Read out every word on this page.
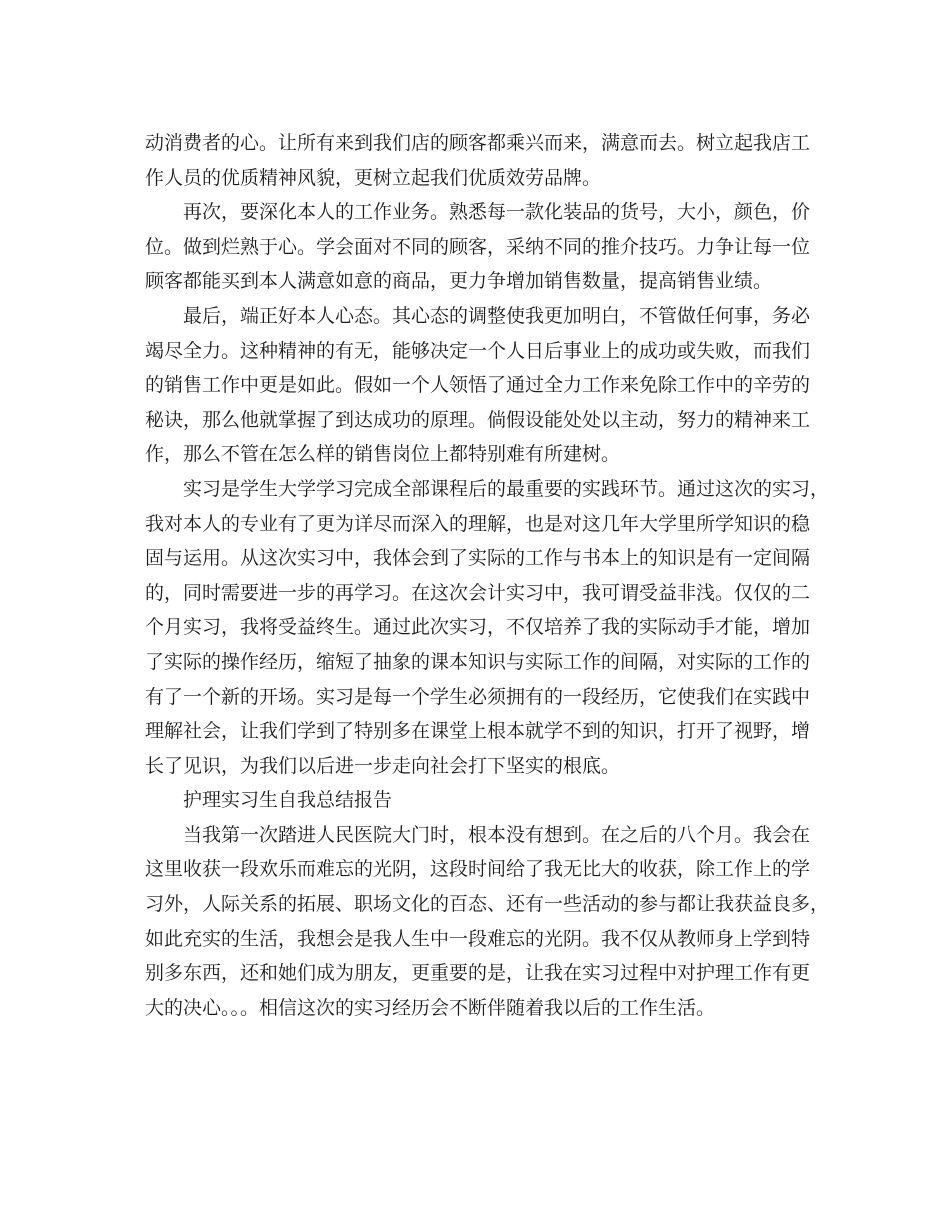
动消费者的心。让所有来到我们店的顾客都乘兴而来，满意而去。树立起我店工
作人员的优质精神风貌，更树立起我们优质效劳品牌。
再次，要深化本人的工作业务。熟悉每一款化装品的货号，大小，颜色，价
位。做到烂熟于心。学会面对不同的顾客，采纳不同的推介技巧。力争让每一位
顾客都能买到本人满意如意的商品，更力争增加销售数量，提高销售业绩。
最后，端正好本人心态。其心态的调整使我更加明白，不管做任何事，务必
竭尽全力。这种精神的有无，能够决定一个人日后事业上的成功或失败，而我们
的销售工作中更是如此。假如一个人领悟了通过全力工作来免除工作中的辛劳的
秘诀，那么他就掌握了到达成功的原理。倘假设能处处以主动，努力的精神来工
作，那么不管在怎么样的销售岗位上都特别难有所建树。
实习是学生大学学习完成全部课程后的最重要的实践环节。通过这次的实习，
我对本人的专业有了更为详尽而深入的理解，也是对这几年大学里所学知识的稳
固与运用。从这次实习中，我体会到了实际的工作与书本上的知识是有一定间隔
的，同时需要进一步的再学习。在这次会计实习中，我可谓受益非浅。仅仅的二
个月实习，我将受益终生。通过此次实习，不仅培养了我的实际动手才能，增加
了实际的操作经历，缩短了抽象的课本知识与实际工作的间隔，对实际的工作的
有了一个新的开场。实习是每一个学生必须拥有的一段经历，它使我们在实践中
理解社会，让我们学到了特别多在课堂上根本就学不到的知识，打开了视野，增
长了见识，为我们以后进一步走向社会打下坚实的根底。
护理实习生自我总结报告
当我第一次踏进人民医院大门时，根本没有想到。在之后的八个月。我会在
这里收获一段欢乐而难忘的光阴，这段时间给了我无比大的收获，除工作上的学
习外，人际关系的拓展、职场文化的百态、还有一些活动的参与都让我获益良多，
如此充实的生活，我想会是我人生中一段难忘的光阴。我不仅从教师身上学到特
别多东西，还和她们成为朋友，更重要的是，让我在实习过程中对护理工作有更
大的决心。。。相信这次的实习经历会不断伴随着我以后的工作生活。
